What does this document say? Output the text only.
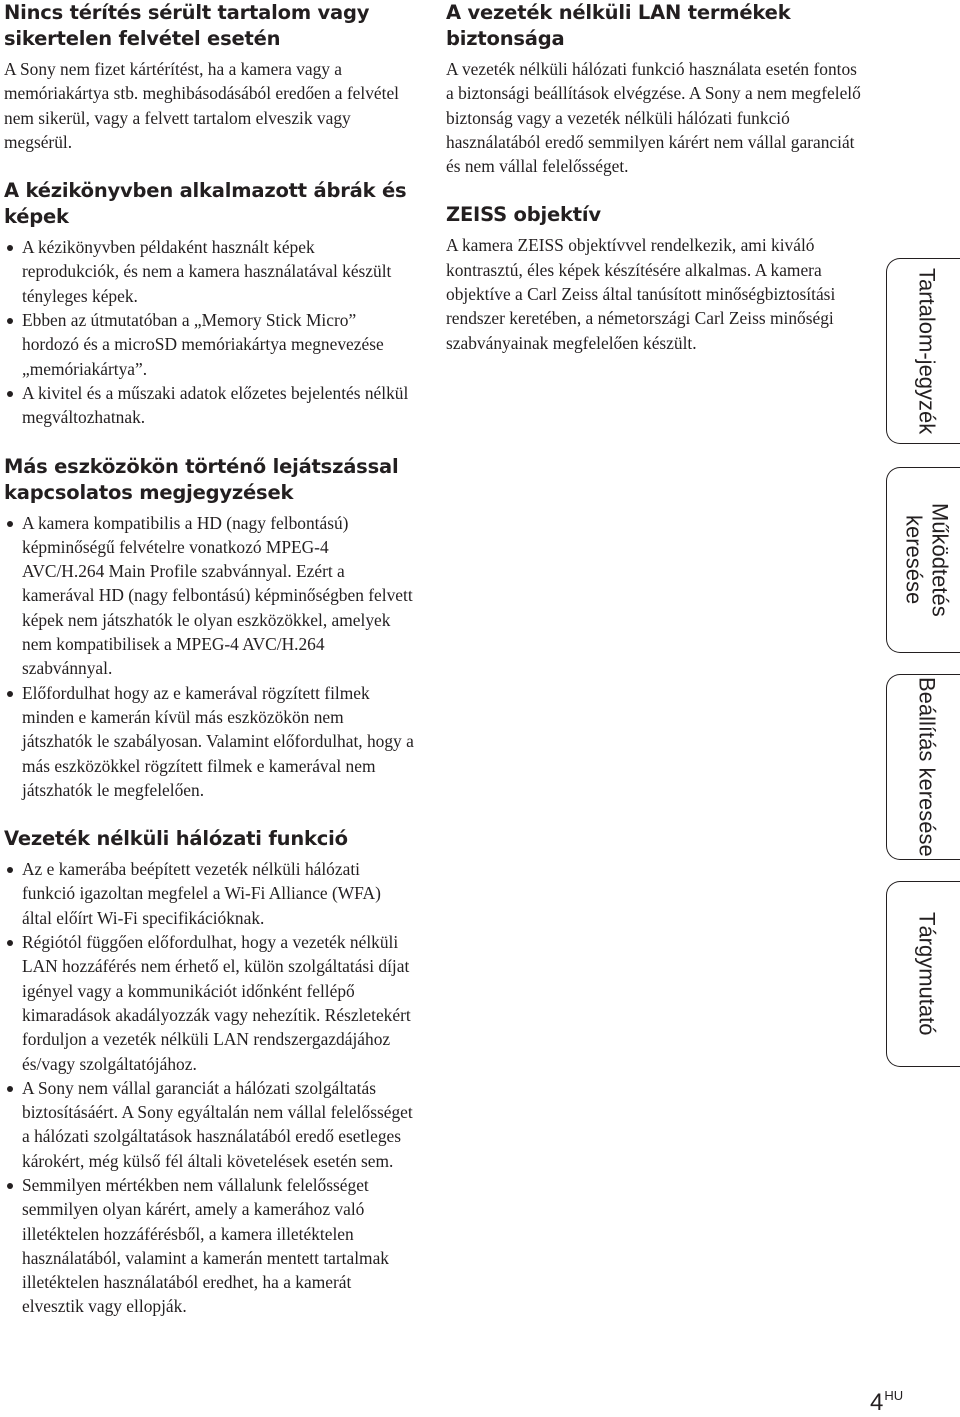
Nincs térítés sérült tartalom vagy sikertelen felvétel esetén

A Sony nem fizet kártérítést, ha a kamera vagy a memóriakártya stb. meghibásodásából eredően a felvétel nem sikerül, vagy a felvett tartalom elveszik vagy megsérül.

A kézikönyvben alkalmazott ábrák és képek
A kézikönyvben példaként használt képek reprodukciók, és nem a kamera használatával készült tényleges képek.
Ebben az útmutatóban a „Memory Stick Micro” hordozó és a microSD memóriakártya megnevezése „memóriakártya”.
A kivitel és a műszaki adatok előzetes bejelentés nélkül megváltozhatnak.
Más eszközökön történő lejátszással kapcsolatos megjegyzések
A kamera kompatibilis a HD (nagy felbontású) képminőségű felvételre vonatkozó MPEG-4 AVC/H.264 Main Profile szabvánnyal. Ezért a kamerával HD (nagy felbontású) képminőségben felvett képek nem játszhatók le olyan eszközökkel, amelyek nem kompatibilisek a MPEG-4 AVC/H.264 szabvánnyal.
Előfordulhat hogy az e kamerával rögzített filmek minden e kamerán kívül más eszközökön nem játszhatók le szabályosan. Valamint előfordulhat, hogy a más eszközökkel rögzített filmek e kamerával nem játszhatók le megfelelően.
Vezeték nélküli hálózati funkció
Az e kamerába beépített vezeték nélküli hálózati funkció igazoltan megfelel a Wi-Fi Alliance (WFA) által előírt Wi-Fi specifikációknak.
Régiótól függően előfordulhat, hogy a vezeték nélküli LAN hozzáférés nem érhető el, külön szolgáltatási díjat igényel vagy a kommunikációt időnként fellépő kimaradások akadályozzák vagy nehezítik. Részletekért forduljon a vezeték nélküli LAN rendszergazdájához és/vagy szolgáltatójához.
A Sony nem vállal garanciát a hálózati szolgáltatás biztosításáért. A Sony egyáltalán nem vállal felelősséget a hálózati szolgáltatások használatából eredő esetleges károkért, még külső fél általi követelések esetén sem.
Semmilyen mértékben nem vállalunk felelősséget semmilyen olyan kárért, amely a kamerához való illetéktelen hozzáférésből, a kamera illetéktelen használatából, valamint a kamerán mentett tartalmak illetéktelen használatából eredhet, ha a kamerát elvesztik vagy ellopják.
A vezeték nélküli LAN termékek biztonsága

A vezeték nélküli hálózati funkció használata esetén fontos a biztonsági beállítások elvégzése. A Sony a nem megfelelő biztonság vagy a vezeték nélküli hálózati funkció használatából eredő semmilyen kárért nem vállal garanciát és nem vállal felelősséget.

ZEISS objektív

A kamera ZEISS objektívvel rendelkezik, ami kiváló kontrasztú, éles képek készítésére alkalmas. A kamera objektíve a Carl Zeiss által tanúsított minőségbiztosítási rendszer keretében, a németországi Carl Zeiss minőségi szabványainak megfelelően készült.	Tartalom-jegyzék
Működtetés keresése
Beállítás keresése
Tárgymutató
$4^{HU}$
